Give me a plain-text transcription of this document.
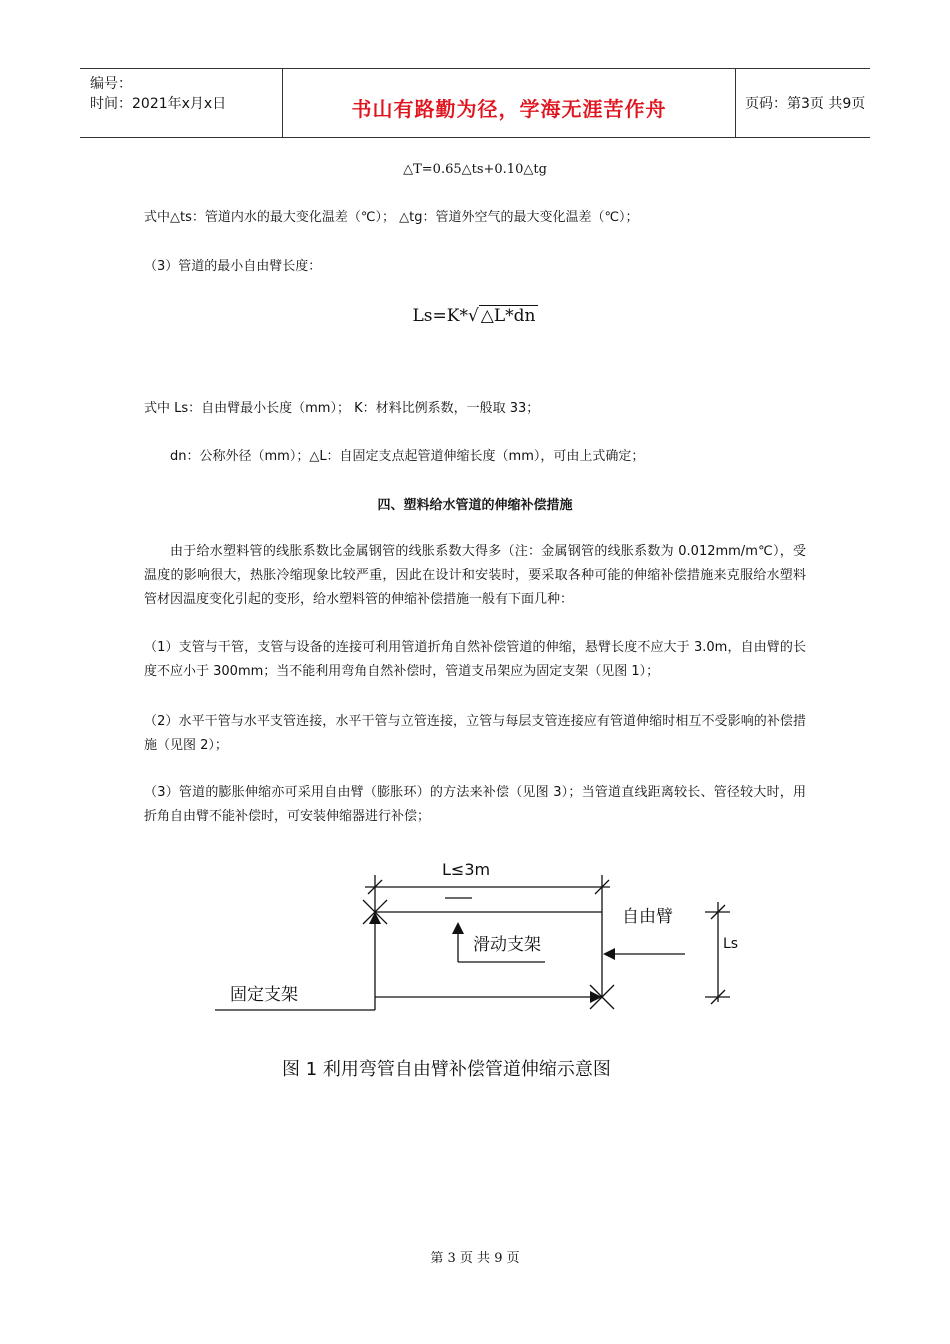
编号：
时间：2021年x月x日	书山有路勤为径，学海无涯苦作舟	页码：第3页 共9页
△T=0.65△ts+0.10△tg
式中△ts：管道内水的最大变化温差（℃）； △tg：管道外空气的最大变化温差（℃）；
（3）管道的最小自由臂长度：
Ls=K*√ △L*dn
式中 Ls：自由臂最小长度（mm）； K：材料比例系数，一般取 33；
dn：公称外径（mm）；△L：自固定支点起管道伸缩长度（mm），可由上式确定；
四、塑料给水管道的伸缩补偿措施
由于给水塑料管的线胀系数比金属钢管的线胀系数大得多（注：金属钢管的线胀系数为 0.012mm/m℃），受温度的影响很大，热胀冷缩现象比较严重，因此在设计和安装时，要采取各种可能的伸缩补偿措施来克服给水塑料管材因温度变化引起的变形，给水塑料管的伸缩补偿措施一般有下面几种：
（1）支管与干管，支管与设备的连接可利用管道折角自然补偿管道的伸缩，悬臂长度不应大于 3.0m，自由臂的长度不应小于 300mm；当不能利用弯角自然补偿时，管道支吊架应为固定支架（见图 1）；
（2）水平干管与水平支管连接，水平干管与立管连接，立管与每层支管连接应有管道伸缩时相互不受影响的补偿措施（见图 2）；
（3）管道的膨胀伸缩亦可采用自由臂（膨胀环）的方法来补偿（见图 3）；当管道直线距离较长、管径较大时，用折角自由臂不能补偿时，可安装伸缩器进行补偿；
L≤3m
自由臂
滑动支架
固定支架
Ls
图 1 利用弯管自由臂补偿管道伸缩示意图
第 3 页 共 9 页
